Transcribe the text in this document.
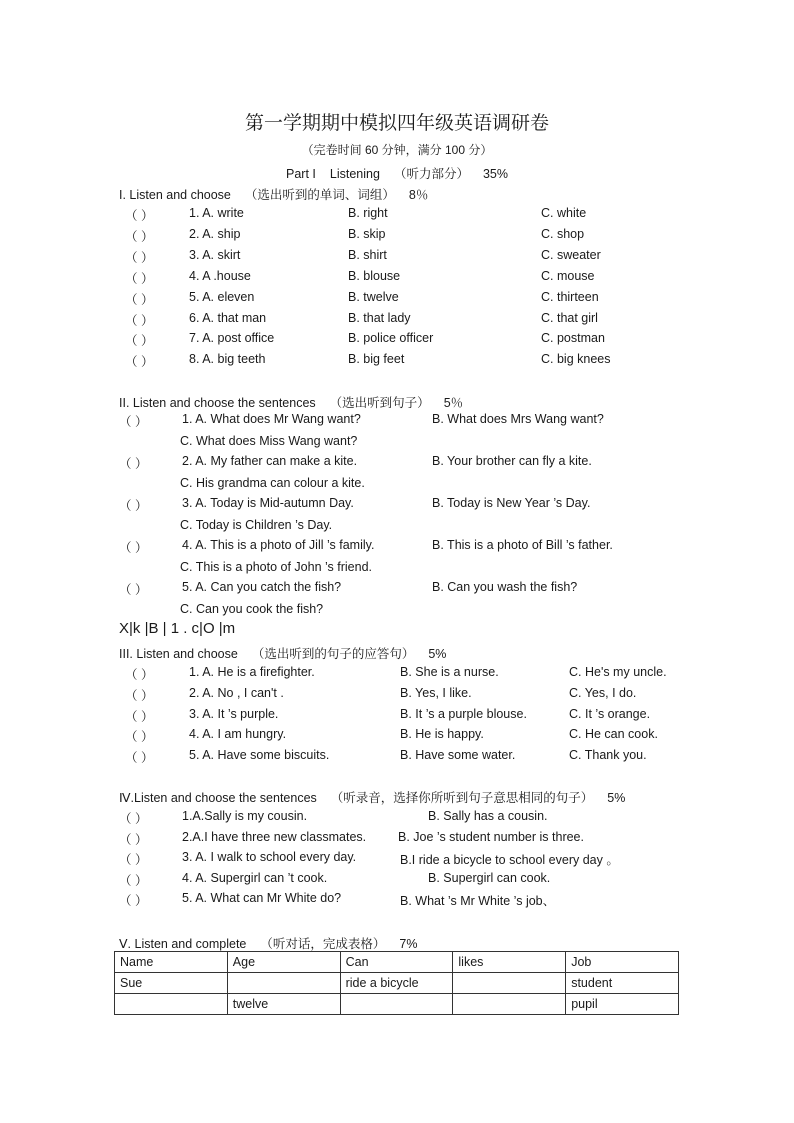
第一学期期中模拟四年级英语调研卷
（完卷时间 60 分钟，满分 100 分）
Part I Listening （听力部分） 35%
I. Listen and choose （选出听到的单词、词组） 8％
（ ）	1. A. write	B. right	C. white
（ ）	2. A. ship	B. skip	C. shop
（ ）	3. A. skirt	B. shirt	C. sweater
（ ）	4. A .house	B. blouse	C. mouse
（ ）	5. A. eleven	B. twelve	C. thirteen
（ ）	6. A. that man	B. that lady	C. that girl
（ ）	7. A. post office	B. police officer	C. postman
（ ）	8. A. big teeth	B. big feet	C. big knees
II. Listen and choose the sentences （选出听到句子） 5％
（ ）	1. A. What does Mr Wang want?	B. What does Mrs Wang want?
C. What does Miss Wang want?
（ ）	2. A. My father can make a kite.	B. Your brother can fly a kite.
C. His grandma can colour a kite.
（ ）	3. A. Today is Mid-autumn Day.	B. Today is New Year ’s Day.
C. Today is Children ’s Day.
（ ）	4. A. This is a photo of Jill ’s family.	B. This is a photo of Bill ’s father.
C. This is a photo of John ’s friend.
（ ）	5. A. Can you catch the fish?	B. Can you wash the fish?
C. Can you cook the fish?
X|k |B | 1 . c|O |m
III. Listen and choose （选出听到的句子的应答句） 5%
（ ）	1. A. He is a firefighter.	B. She is a nurse.	C. He's my uncle.
（ ）	2. A. No , I can't .	B. Yes, I like.	C. Yes, I do.
（ ）	3. A. It ’s purple.	B. It ’s a purple blouse.	C. It ’s orange.
（ ）	4. A. I am hungry.	B. He is happy.	C. He can cook.
（ ）	5. A. Have some biscuits.	B. Have some water.	C. Thank you.
Ⅳ.Listen and choose the sentences （听录音，选择你所听到句子意思相同的句子） 5%
（ ）	1.A.Sally is my cousin.	B. Sally has a cousin.
（ ）	2.A.I have three new classmates.	B. Joe ’s student number is three.
（ ）	3. A. I walk to school every day.	B.I ride a bicycle to school every day 。
（ ）	4. A. Supergirl can ’t cook.	B. Supergirl can cook.
（ ）	5. A. What can Mr White do?	B. What ’s Mr White ’s job、
Ⅴ. Listen and complete （听对话，完成表格） 7%
Name	Age	Can	likes	Job
Sue		ride a bicycle		student
	twelve			pupil
